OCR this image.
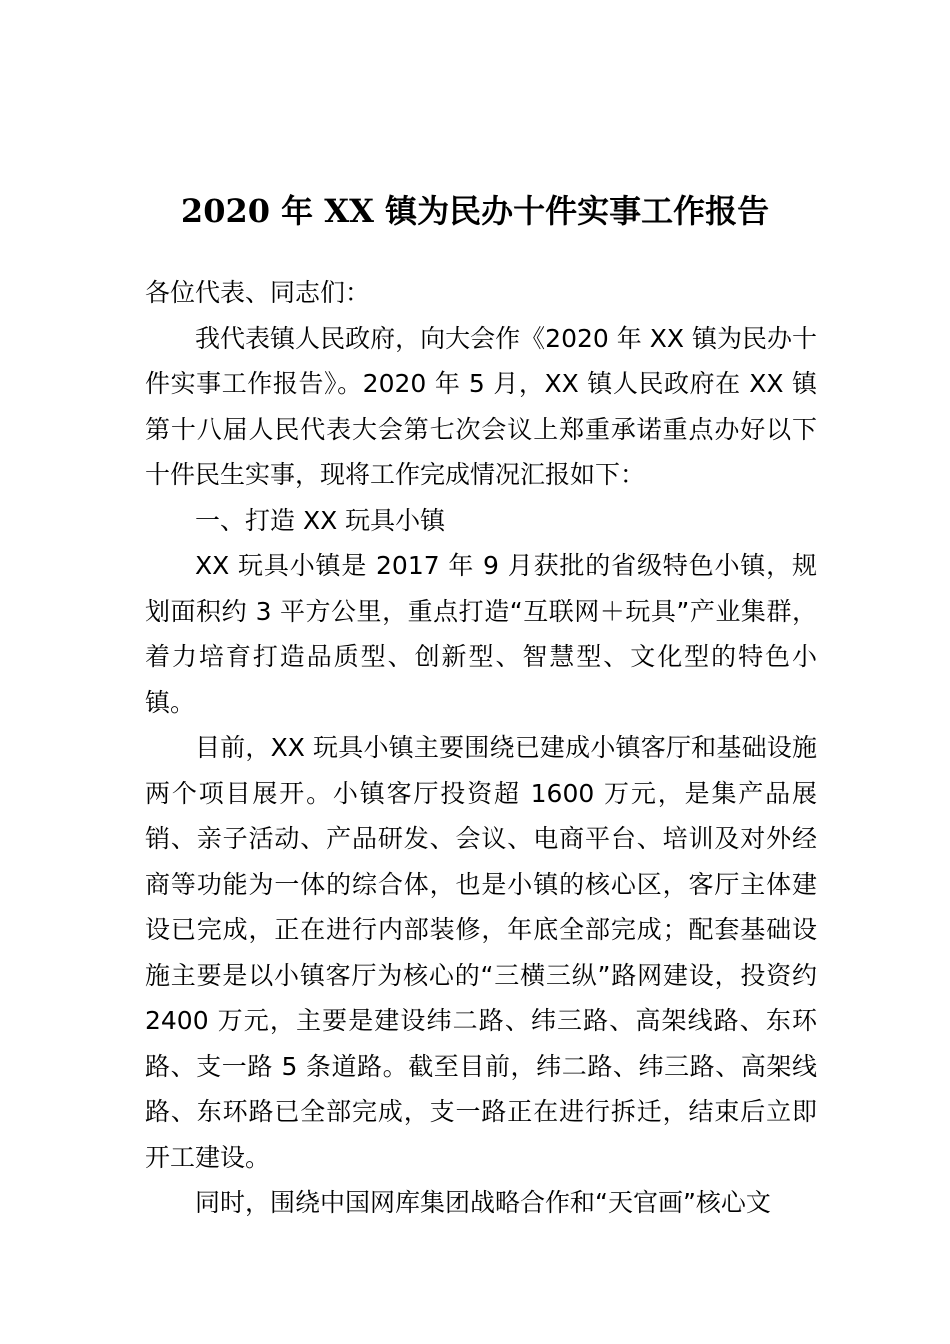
2020 年 XX 镇为民办十件实事工作报告

各位代表、同志们：

我代表镇人民政府，向大会作《2020 年 XX 镇为民办十件实事工作报告》。2020 年 5 月，XX 镇人民政府在 XX 镇第十八届人民代表大会第七次会议上郑重承诺重点办好以下十件民生实事，现将工作完成情况汇报如下：

一、打造 XX 玩具小镇

XX 玩具小镇是 2017 年 9 月获批的省级特色小镇，规划面积约 3 平方公里，重点打造“互联网＋玩具”产业集群， 着力培育打造品质型、创新型、智慧型、文化型的特色小镇。

目前，XX 玩具小镇主要围绕已建成小镇客厅和基础设施两个项目展开。小镇客厅投资超 1600 万元，是集产品展销、亲子活动、产品研发、会议、电商平台、培训及对外经商等功能为一体的综合体，也是小镇的核心区，客厅主体建设已完成，正在进行内部装修，年底全部完成；配套基础设施主要是以小镇客厅为核心的“三横三纵”路网建设，投资约 2400 万元，主要是建设纬二路、纬三路、高架线路、东环路、支一路 5 条道路。截至目前，纬二路、纬三路、高架线路、东环路已全部完成，支一路正在进行拆迁，结束后立即开工建设。

同时，围绕中国网库集团战略合作和“天官画”核心文
